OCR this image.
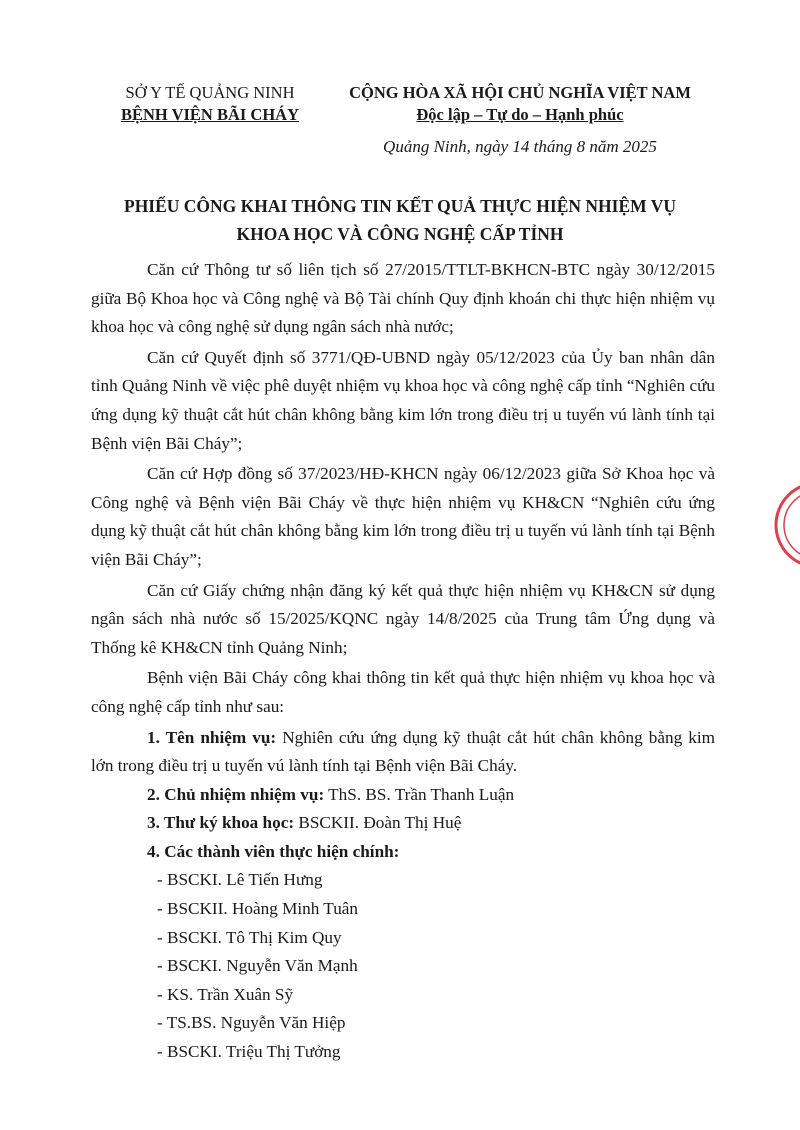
SỞ Y TẾ QUẢNG NINH
BỆNH VIỆN BÃI CHÁY
CỘNG HÒA XÃ HỘI CHỦ NGHĨA VIỆT NAM
Độc lập – Tự do – Hạnh phúc
Quảng Ninh, ngày 14 tháng 8 năm 2025
PHIẾU CÔNG KHAI THÔNG TIN KẾT QUẢ THỰC HIỆN NHIỆM VỤ
KHOA HỌC VÀ CÔNG NGHỆ CẤP TỈNH

Căn cứ Thông tư số liên tịch số 27/2015/TTLT-BKHCN-BTC ngày 30/12/2015 giữa Bộ Khoa học và Công nghệ và Bộ Tài chính Quy định khoán chi thực hiện nhiệm vụ khoa học và công nghệ sử dụng ngân sách nhà nước;

Căn cứ Quyết định số 3771/QĐ-UBND ngày 05/12/2023 của Ủy ban nhân dân tỉnh Quảng Ninh về việc phê duyệt nhiệm vụ khoa học và công nghệ cấp tỉnh “Nghiên cứu ứng dụng kỹ thuật cắt hút chân không bằng kim lớn trong điều trị u tuyến vú lành tính tại Bệnh viện Bãi Cháy”;

Căn cứ Hợp đồng số 37/2023/HĐ-KHCN ngày 06/12/2023 giữa Sở Khoa học và Công nghệ và Bệnh viện Bãi Cháy về thực hiện nhiệm vụ KH&CN “Nghiên cứu ứng dụng kỹ thuật cắt hút chân không bằng kim lớn trong điều trị u tuyến vú lành tính tại Bệnh viện Bãi Cháy”;

Căn cứ Giấy chứng nhận đăng ký kết quả thực hiện nhiệm vụ KH&CN sử dụng ngân sách nhà nước số 15/2025/KQNC ngày 14/8/2025 của Trung tâm Ứng dụng và Thống kê KH&CN tỉnh Quảng Ninh;

Bệnh viện Bãi Cháy công khai thông tin kết quả thực hiện nhiệm vụ khoa học và công nghệ cấp tỉnh như sau:

1. Tên nhiệm vụ: Nghiên cứu ứng dụng kỹ thuật cắt hút chân không bằng kim lớn trong điều trị u tuyến vú lành tính tại Bệnh viện Bãi Cháy.

2. Chủ nhiệm nhiệm vụ: ThS. BS. Trần Thanh Luận

3. Thư ký khoa học: BSCKII. Đoàn Thị Huệ

4. Các thành viên thực hiện chính:

- BSCKI. Lê Tiến Hưng

- BSCKII. Hoàng Minh Tuân

- BSCKI. Tô Thị Kim Quy

- BSCKI. Nguyễn Văn Mạnh

- KS. Trần Xuân Sỹ

- TS.BS. Nguyễn Văn Hiệp

- BSCKI. Triệu Thị Tưởng
